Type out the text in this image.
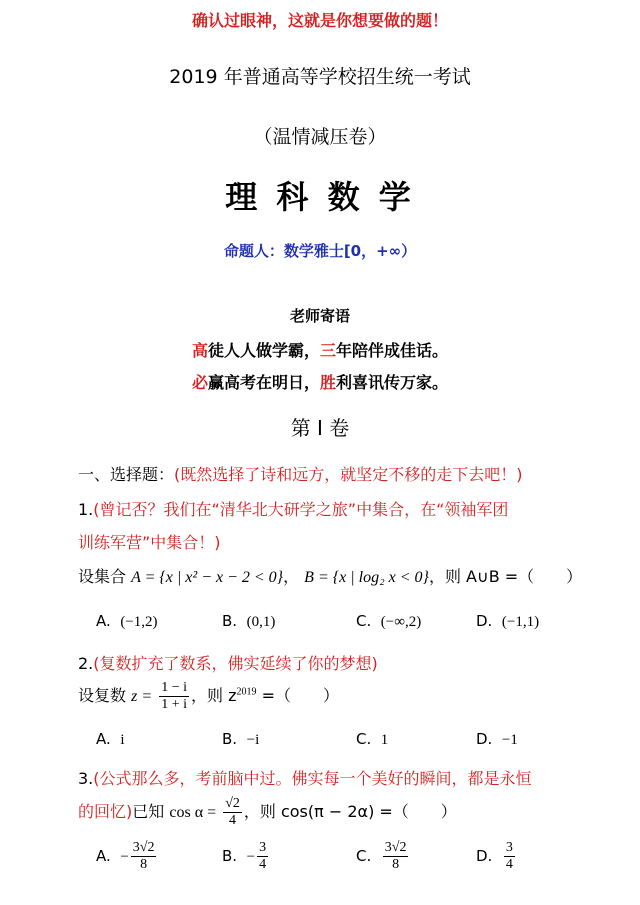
确认过眼神，这就是你想要做的题！
2019 年普通高等学校招生统一考试
（温情减压卷）
理 科 数 学
命题人：数学雅士[0，+∞）
老师寄语
高徒人人做学霸，三年陪伴成佳话。
必赢高考在明日，胜利喜讯传万家。
第 I 卷
一、选择题：(既然选择了诗和远方，就坚定不移的走下去吧！)
1.(曾记否？我们在“清华北大研学之旅”中集合，在“领袖军团
训练军营”中集合！)
设集合 A = {x | x² − x − 2 < 0}， B = {x | log₂ x < 0}，则 A∪B =（　　）
A. (−1,2)	B. (0,1)	C. (−∞,2)	D. (−1,1)
2.(复数扩充了数系，佛实延续了你的梦想)
设复数 $z = \frac{1 - i}{1 + i}$ ，则 $z^{2019}$ =（　　）
A. i	B. −i	C. 1	D. −1
3.(公式那么多，考前脑中过。佛实每一个美好的瞬间，都是永恒
的回忆)已知 $\cos \alpha = \frac{√2}{4}$ ，则 cos(π − 2α) =（　　）
A. − $\frac{3√2}{8}$	B. − $\frac{3}{4}$	C. $\frac{3√2}{8}$	D. $\frac{3}{4}$
